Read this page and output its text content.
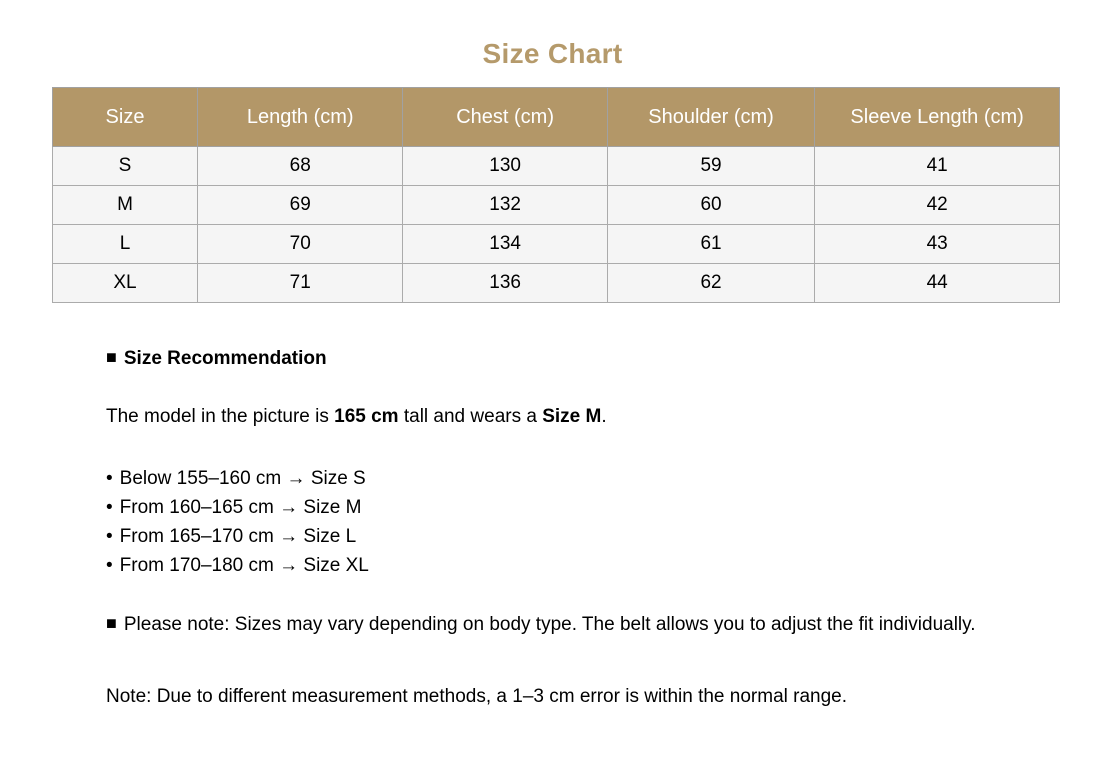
Size Chart
Size	Length (cm)	Chest (cm)	Shoulder (cm)	Sleeve Length (cm)
S	68	130	59	41
M	69	132	60	42
L	70	134	61	43
XL	71	136	62	44

■ Size Recommendation

The model in the picture is 165 cm tall and wears a Size M.

• Below 155–160 cm → Size S
• From 160–165 cm → Size M
• From 165–170 cm → Size L
• From 170–180 cm → Size XL

■ Please note: Sizes may vary depending on body type. The belt allows you to adjust the fit individually.

Note: Due to different measurement methods, a 1–3 cm error is within the normal range.
